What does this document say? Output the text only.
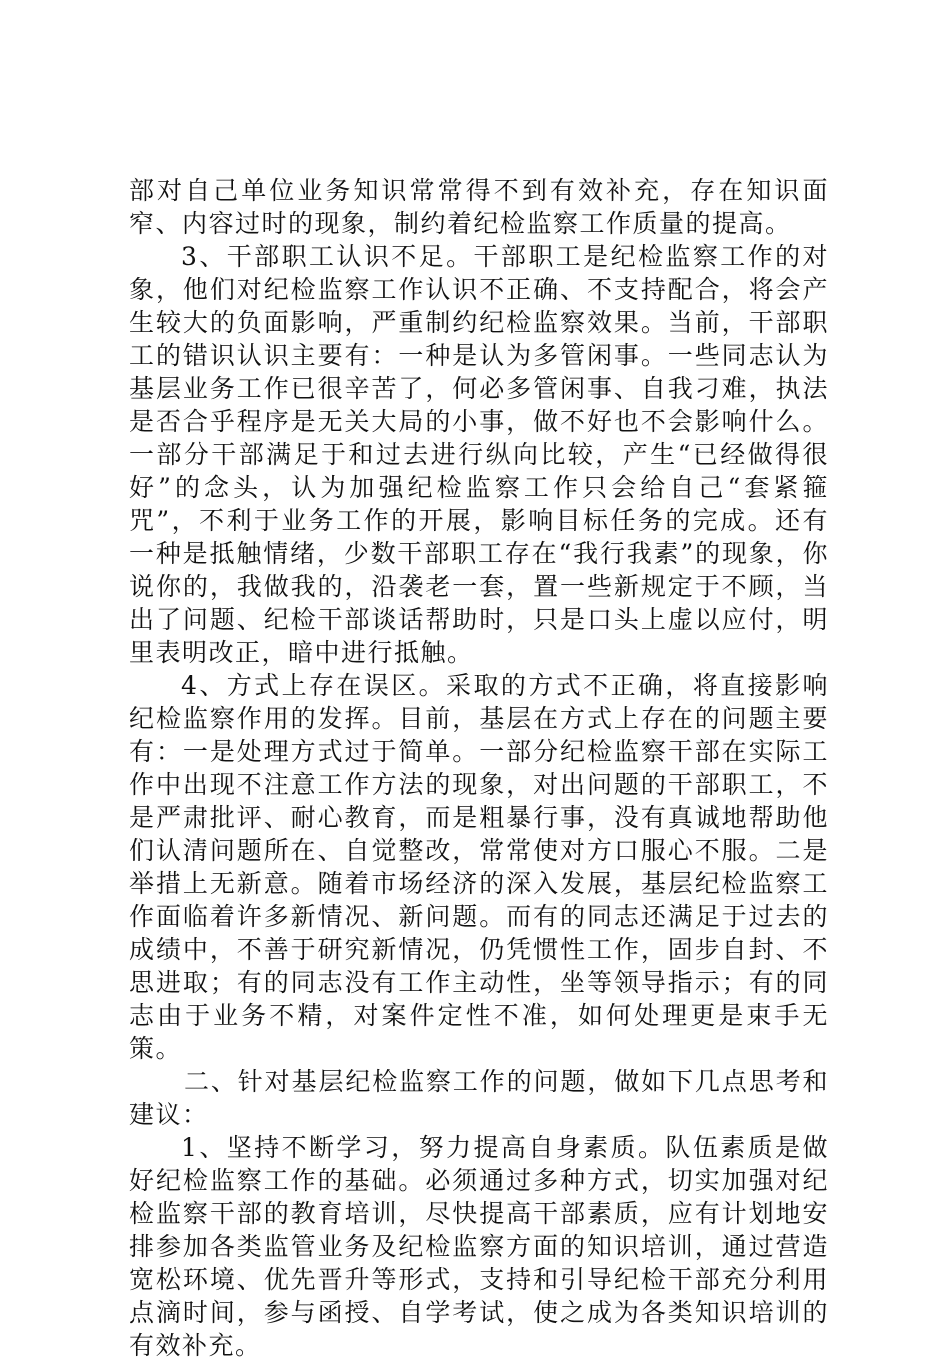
部对自己单位业务知识常常得不到有效补充，存在知识面窄、内容过时的现象，制约着纪检监察工作质量的提高。

3、干部职工认识不足。干部职工是纪检监察工作的对象，他们对纪检监察工作认识不正确、不支持配合，将会产生较大的负面影响，严重制约纪检监察效果。当前，干部职工的错识认识主要有：一种是认为多管闲事。一些同志认为基层业务工作已很辛苦了，何必多管闲事、自我刁难，执法是否合乎程序是无关大局的小事，做不好也不会影响什么。一部分干部满足于和过去进行纵向比较，产生“已经做得很好”的念头，认为加强纪检监察工作只会给自己“套紧箍咒”，不利于业务工作的开展，影响目标任务的完成。还有一种是抵触情绪，少数干部职工存在“我行我素”的现象，你说你的，我做我的，沿袭老一套，置一些新规定于不顾，当出了问题、纪检干部谈话帮助时，只是口头上虚以应付，明里表明改正，暗中进行抵触。

4、方式上存在误区。采取的方式不正确，将直接影响纪检监察作用的发挥。目前，基层在方式上存在的问题主要有：一是处理方式过于简单。一部分纪检监察干部在实际工作中出现不注意工作方法的现象，对出问题的干部职工，不是严肃批评、耐心教育，而是粗暴行事，没有真诚地帮助他们认清问题所在、自觉整改，常常使对方口服心不服。二是举措上无新意。随着市场经济的深入发展，基层纪检监察工作面临着许多新情况、新问题。而有的同志还满足于过去的成绩中，不善于研究新情况，仍凭惯性工作，固步自封、不思进取；有的同志没有工作主动性，坐等领导指示；有的同志由于业务不精，对案件定性不准，如何处理更是束手无策。

二、针对基层纪检监察工作的问题，做如下几点思考和建议：

1、坚持不断学习，努力提高自身素质。队伍素质是做好纪检监察工作的基础。必须通过多种方式，切实加强对纪检监察干部的教育培训，尽快提高干部素质，应有计划地安排参加各类监管业务及纪检监察方面的知识培训，通过营造宽松环境、优先晋升等形式，支持和引导纪检干部充分利用点滴时间，参与函授、自学考试，使之成为各类知识培训的有效补充。
